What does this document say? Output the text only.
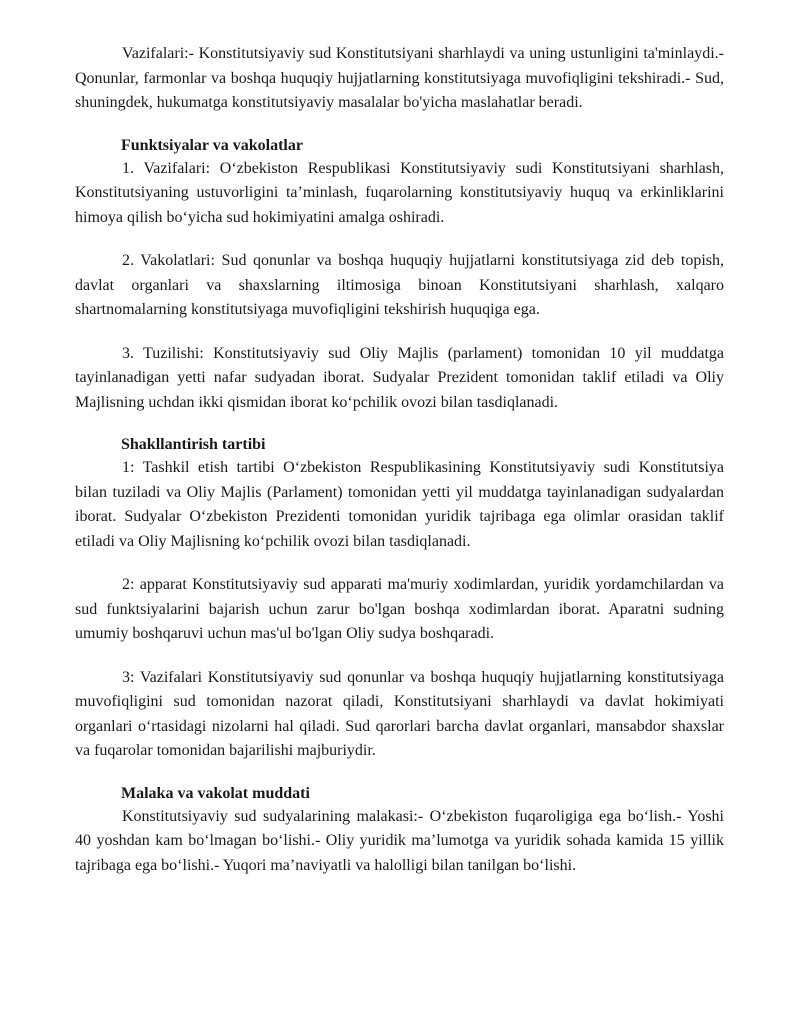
Vazifalari:- Konstitutsiyaviy sud Konstitutsiyani sharhlaydi va uning ustunligini ta'minlaydi.- Qonunlar, farmonlar va boshqa huquqiy hujjatlarning konstitutsiyaga muvofiqligini tekshiradi.- Sud, shuningdek, hukumatga konstitutsiyaviy masalalar bo'yicha maslahatlar beradi.

Funktsiyalar va vakolatlar

1. Vazifalari: O‘zbekiston Respublikasi Konstitutsiyaviy sudi Konstitutsiyani sharhlash, Konstitutsiyaning ustuvorligini ta’minlash, fuqarolarning konstitutsiyaviy huquq va erkinliklarini himoya qilish bo‘yicha sud hokimiyatini amalga oshiradi.

2. Vakolatlari: Sud qonunlar va boshqa huquqiy hujjatlarni konstitutsiyaga zid deb topish, davlat organlari va shaxslarning iltimosiga binoan Konstitutsiyani sharhlash, xalqaro shartnomalarning konstitutsiyaga muvofiqligini tekshirish huquqiga ega.

3. Tuzilishi: Konstitutsiyaviy sud Oliy Majlis (parlament) tomonidan 10 yil muddatga tayinlanadigan yetti nafar sudyadan iborat. Sudyalar Prezident tomonidan taklif etiladi va Oliy Majlisning uchdan ikki qismidan iborat ko‘pchilik ovozi bilan tasdiqlanadi.

Shakllantirish tartibi

1: Tashkil etish tartibi O‘zbekiston Respublikasining Konstitutsiyaviy sudi Konstitutsiya bilan tuziladi va Oliy Majlis (Parlament) tomonidan yetti yil muddatga tayinlanadigan sudyalardan iborat. Sudyalar O‘zbekiston Prezidenti tomonidan yuridik tajribaga ega olimlar orasidan taklif etiladi va Oliy Majlisning ko‘pchilik ovozi bilan tasdiqlanadi.

2: apparat Konstitutsiyaviy sud apparati ma'muriy xodimlardan, yuridik yordamchilardan va sud funktsiyalarini bajarish uchun zarur bo'lgan boshqa xodimlardan iborat. Aparatni sudning umumiy boshqaruvi uchun mas'ul bo'lgan Oliy sudya boshqaradi.

3: Vazifalari Konstitutsiyaviy sud qonunlar va boshqa huquqiy hujjatlarning konstitutsiyaga muvofiqligini sud tomonidan nazorat qiladi, Konstitutsiyani sharhlaydi va davlat hokimiyati organlari o‘rtasidagi nizolarni hal qiladi. Sud qarorlari barcha davlat organlari, mansabdor shaxslar va fuqarolar tomonidan bajarilishi majburiydir.

Malaka va vakolat muddati

Konstitutsiyaviy sud sudyalarining malakasi:- O‘zbekiston fuqaroligiga ega bo‘lish.- Yoshi 40 yoshdan kam bo‘lmagan bo‘lishi.- Oliy yuridik ma’lumotga va yuridik sohada kamida 15 yillik tajribaga ega bo‘lishi.- Yuqori ma’naviyatli va halolligi bilan tanilgan bo‘lishi.
